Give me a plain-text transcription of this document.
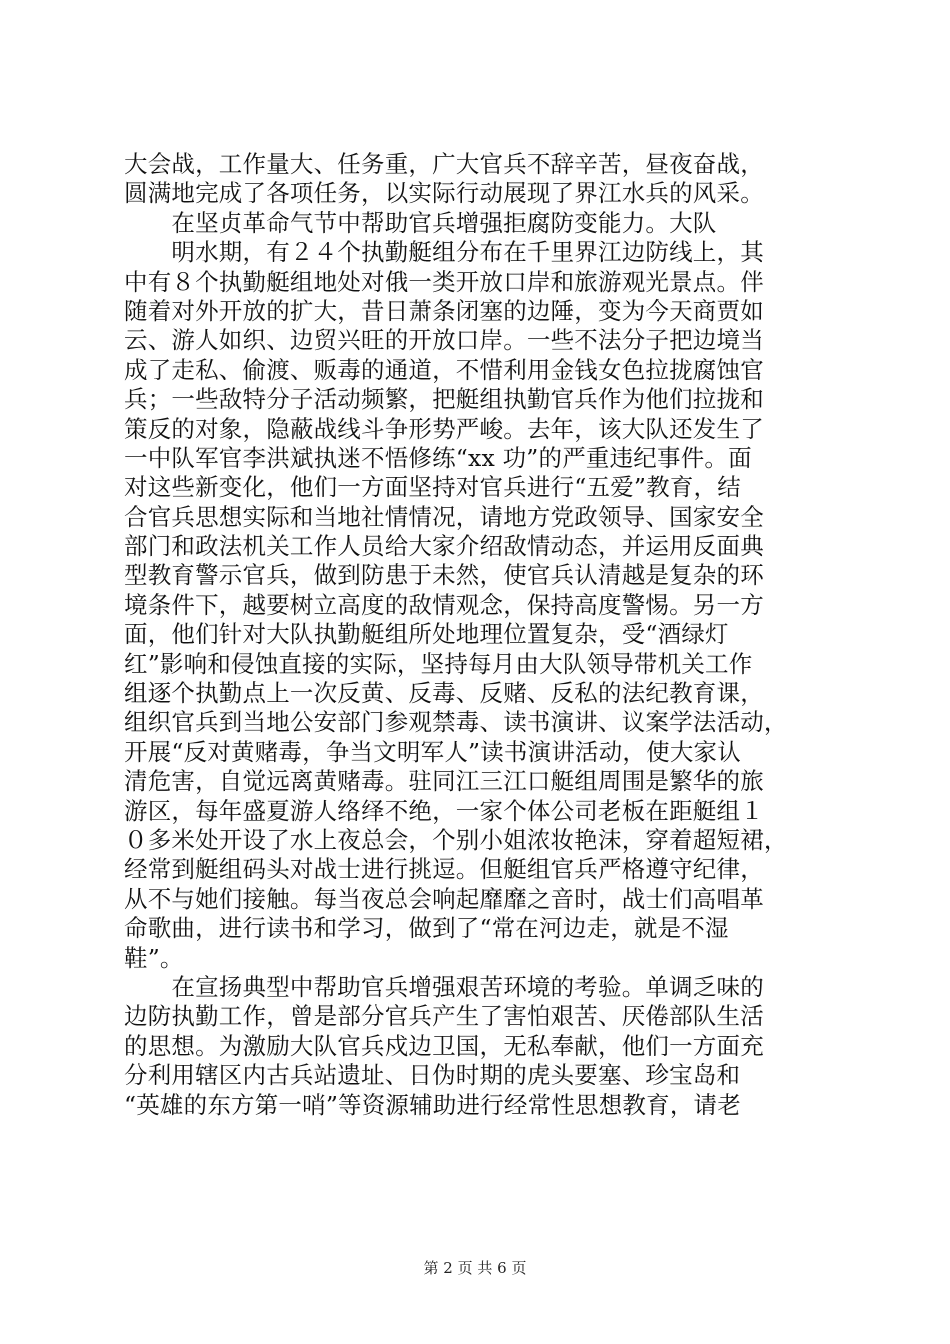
大会战，工作量大、任务重，广大官兵不辞辛苦，昼夜奋战，
圆满地完成了各项任务，以实际行动展现了界江水兵的风采。
　　在坚贞革命气节中帮助官兵增强拒腐防变能力。大队
　　明水期，有２４个执勤艇组分布在千里界江边防线上，其
中有８个执勤艇组地处对俄一类开放口岸和旅游观光景点。伴
随着对外开放的扩大，昔日萧条闭塞的边陲，变为今天商贾如
云、游人如织、边贸兴旺的开放口岸。一些不法分子把边境当
成了走私、偷渡、贩毒的通道，不惜利用金钱女色拉拢腐蚀官
兵；一些敌特分子活动频繁，把艇组执勤官兵作为他们拉拢和
策反的对象，隐蔽战线斗争形势严峻。去年，该大队还发生了
一中队军官李洪斌执迷不悟修练“xx 功”的严重违纪事件。面
对这些新变化，他们一方面坚持对官兵进行“五爱”教育，结
合官兵思想实际和当地社情情况，请地方党政领导、国家安全
部门和政法机关工作人员给大家介绍敌情动态，并运用反面典
型教育警示官兵，做到防患于未然，使官兵认清越是复杂的环
境条件下，越要树立高度的敌情观念，保持高度警惕。另一方
面，他们针对大队执勤艇组所处地理位置复杂，受“酒绿灯
红”影响和侵蚀直接的实际，坚持每月由大队领导带机关工作
组逐个执勤点上一次反黄、反毒、反赌、反私的法纪教育课，
组织官兵到当地公安部门参观禁毒、读书演讲、议案学法活动，
开展“反对黄赌毒，争当文明军人”读书演讲活动，使大家认
清危害，自觉远离黄赌毒。驻同江三江口艇组周围是繁华的旅
游区，每年盛夏游人络绎不绝，一家个体公司老板在距艇组１
０多米处开设了水上夜总会，个别小姐浓妆艳沫，穿着超短裙，
经常到艇组码头对战士进行挑逗。但艇组官兵严格遵守纪律，
从不与她们接触。每当夜总会响起靡靡之音时，战士们高唱革
命歌曲，进行读书和学习，做到了“常在河边走，就是不湿
鞋”。
　　在宣扬典型中帮助官兵增强艰苦环境的考验。单调乏味的
边防执勤工作，曾是部分官兵产生了害怕艰苦、厌倦部队生活
的思想。为激励大队官兵戍边卫国，无私奉献，他们一方面充
分利用辖区内古兵站遗址、日伪时期的虎头要塞、珍宝岛和
“英雄的东方第一哨”等资源辅助进行经常性思想教育，请老
第 2 页 共 6 页
